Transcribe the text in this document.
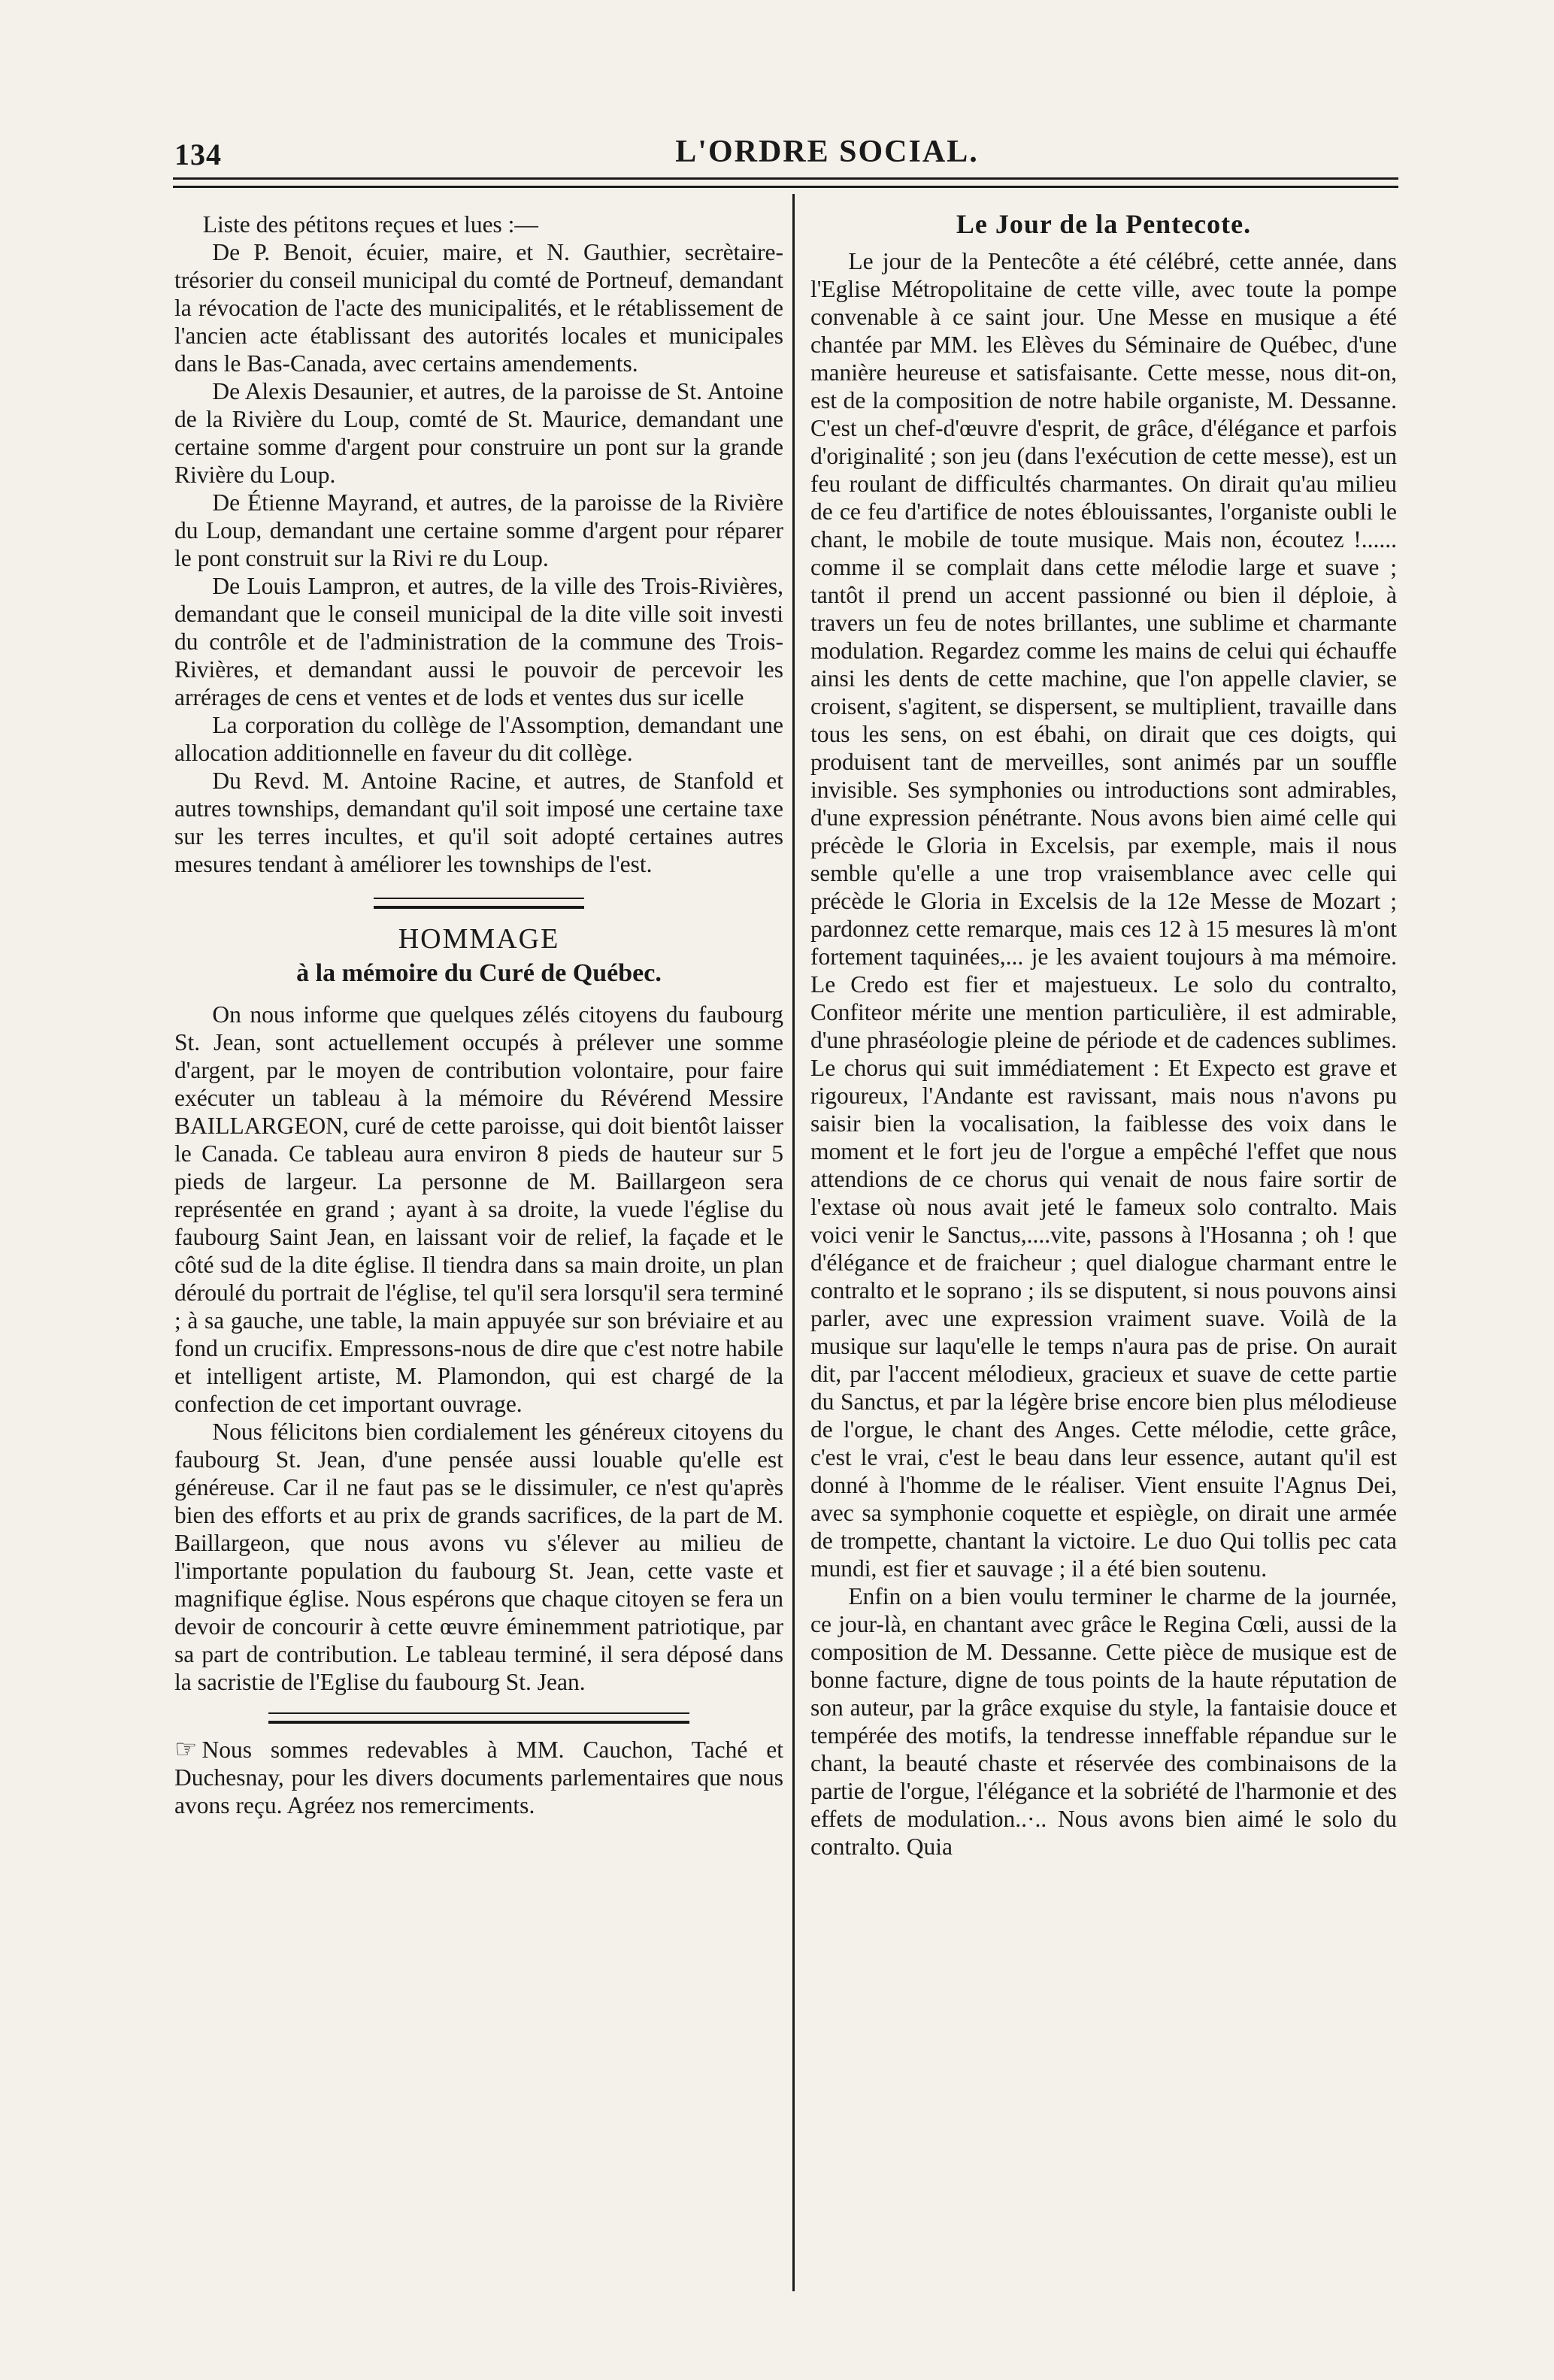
134	L'ORDRE SOCIAL.

Liste des pétitons reçues et lues :—

De P. Benoit, écuier, maire, et N. Gauthier, secrètaire-trésorier du conseil municipal du comté de Portneuf, demandant la révocation de l'acte des municipalités, et le rétablissement de l'ancien acte établissant des autorités locales et municipales dans le Bas-Canada, avec certains amendements.

De Alexis Desaunier, et autres, de la paroisse de St. Antoine de la Rivière du Loup, comté de St. Maurice, demandant une certaine somme d'argent pour construire un pont sur la grande Rivière du Loup.

De Étienne Mayrand, et autres, de la paroisse de la Rivière du Loup, demandant une certaine somme d'argent pour réparer le pont construit sur la Rivi re du Loup.

De Louis Lampron, et autres, de la ville des Trois-Rivières, demandant que le conseil municipal de la dite ville soit investi du contrôle et de l'administration de la commune des Trois-Rivières, et demandant aussi le pouvoir de percevoir les arrérages de cens et ventes et de lods et ventes dus sur icelle

La corporation du collège de l'Assomption, demandant une allocation additionnelle en faveur du dit collège.

Du Revd. M. Antoine Racine, et autres, de Stanfold et autres townships, demandant qu'il soit imposé une certaine taxe sur les terres incultes, et qu'il soit adopté certaines autres mesures tendant à améliorer les townships de l'est.

HOMMAGE
à la mémoire du Curé de Québec.

On nous informe que quelques zélés citoyens du faubourg St. Jean, sont actuellement occupés à prélever une somme d'argent, par le moyen de contribution volontaire, pour faire exécuter un tableau à la mémoire du Révérend Messire BAILLARGEON, curé de cette paroisse, qui doit bientôt laisser le Canada. Ce tableau aura environ 8 pieds de hauteur sur 5 pieds de largeur. La personne de M. Baillargeon sera représentée en grand ; ayant à sa droite, la vuede l'église du faubourg Saint Jean, en laissant voir de relief, la façade et le côté sud de la dite église. Il tiendra dans sa main droite, un plan déroulé du portrait de l'église, tel qu'il sera lorsqu'il sera terminé ; à sa gauche, une table, la main appuyée sur son bréviaire et au fond un crucifix. Empressons-nous de dire que c'est notre habile et intelligent artiste, M. Plamondon, qui est chargé de la confection de cet important ouvrage.

Nous félicitons bien cordialement les généreux citoyens du faubourg St. Jean, d'une pensée aussi louable qu'elle est généreuse. Car il ne faut pas se le dissimuler, ce n'est qu'après bien des efforts et au prix de grands sacrifices, de la part de M. Baillargeon, que nous avons vu s'élever au milieu de l'importante population du faubourg St. Jean, cette vaste et magnifique église. Nous espérons que chaque citoyen se fera un devoir de concourir à cette œuvre éminemment patriotique, par sa part de contribution. Le tableau terminé, il sera déposé dans la sacristie de l'Eglise du faubourg St. Jean.

☞ Nous sommes redevables à MM. Cauchon, Taché et Duchesnay, pour les divers documents parlementaires que nous avons reçu. Agréez nos remerciments.

Le Jour de la Pentecote.

Le jour de la Pentecôte a été célébré, cette année, dans l'Eglise Métropolitaine de cette ville, avec toute la pompe convenable à ce saint jour. Une Messe en musique a été chantée par MM. les Elèves du Séminaire de Québec, d'une manière heureuse et satisfaisante. Cette messe, nous dit-on, est de la composition de notre habile organiste, M. Dessanne. C'est un chef-d'œuvre d'esprit, de grâce, d'élégance et parfois d'originalité ; son jeu (dans l'exécution de cette messe), est un feu roulant de difficultés charmantes. On dirait qu'au milieu de ce feu d'artifice de notes éblouissantes, l'organiste oubli le chant, le mobile de toute musique. Mais non, écoutez !...... comme il se complait dans cette mélodie large et suave ; tantôt il prend un accent passionné ou bien il déploie, à travers un feu de notes brillantes, une sublime et charmante modulation. Regardez comme les mains de celui qui échauffe ainsi les dents de cette machine, que l'on appelle clavier, se croisent, s'agitent, se dispersent, se multiplient, travaille dans tous les sens, on est ébahi, on dirait que ces doigts, qui produisent tant de merveilles, sont animés par un souffle invisible. Ses symphonies ou introductions sont admirables, d'une expression pénétrante. Nous avons bien aimé celle qui précède le Gloria in Excelsis, par exemple, mais il nous semble qu'elle a une trop vraisemblance avec celle qui précède le Gloria in Excelsis de la 12e Messe de Mozart ; pardonnez cette remarque, mais ces 12 à 15 mesures là m'ont fortement taquinées,... je les avaient toujours à ma mémoire. Le Credo est fier et majestueux. Le solo du contralto, Confiteor mérite une mention particulière, il est admirable, d'une phraséologie pleine de période et de cadences sublimes. Le chorus qui suit immédiatement : Et Expecto est grave et rigoureux, l'Andante est ravissant, mais nous n'avons pu saisir bien la vocalisation, la faiblesse des voix dans le moment et le fort jeu de l'orgue a empêché l'effet que nous attendions de ce chorus qui venait de nous faire sortir de l'extase où nous avait jeté le fameux solo contralto. Mais voici venir le Sanctus,....vite, passons à l'Hosanna ; oh ! que d'élégance et de fraicheur ; quel dialogue charmant entre le contralto et le soprano ; ils se disputent, si nous pouvons ainsi parler, avec une expression vraiment suave. Voilà de la musique sur laqu'elle le temps n'aura pas de prise. On aurait dit, par l'accent mélodieux, gracieux et suave de cette partie du Sanctus, et par la légère brise encore bien plus mélodieuse de l'orgue, le chant des Anges. Cette mélodie, cette grâce, c'est le vrai, c'est le beau dans leur essence, autant qu'il est donné à l'homme de le réaliser. Vient ensuite l'Agnus Dei, avec sa symphonie coquette et espiègle, on dirait une armée de trompette, chantant la victoire. Le duo Qui tollis pec cata mundi, est fier et sauvage ; il a été bien soutenu.

Enfin on a bien voulu terminer le charme de la journée, ce jour-là, en chantant avec grâce le Regina Cœli, aussi de la composition de M. Dessanne. Cette pièce de musique est de bonne facture, digne de tous points de la haute réputation de son auteur, par la grâce exquise du style, la fantaisie douce et tempérée des motifs, la tendresse inneffable répandue sur le chant, la beauté chaste et réservée des combinaisons de la partie de l'orgue, l'élégance et la sobriété de l'harmonie et des effets de modulation..·.. Nous avons bien aimé le solo du contralto. Quia
